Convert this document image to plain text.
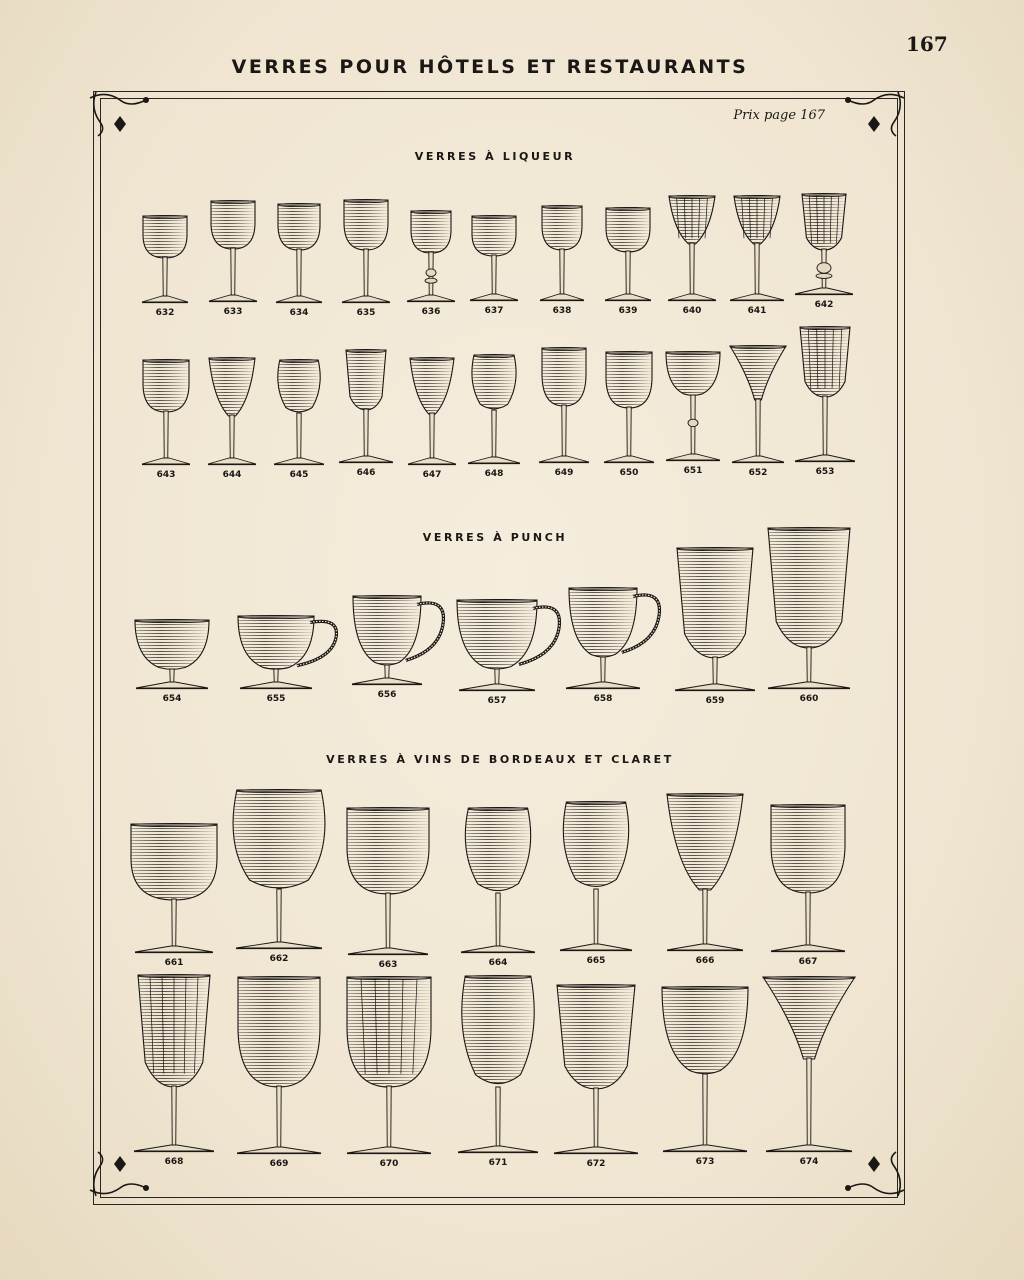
167
VERRES POUR HÔTELS ET RESTAURANTS
Prix page 167
VERRES À LIQUEUR
VERRES À PUNCH
VERRES À VINS DE BORDEAUX ET CLARET
632	633	634	635	636	637	638	639	640	641
642
643	644	645	646	647	648	649	650	651	652	653
654	655	656
657	658	659	660
661	662
663	664	665	666	667
668	669	670	671	672	673	674
